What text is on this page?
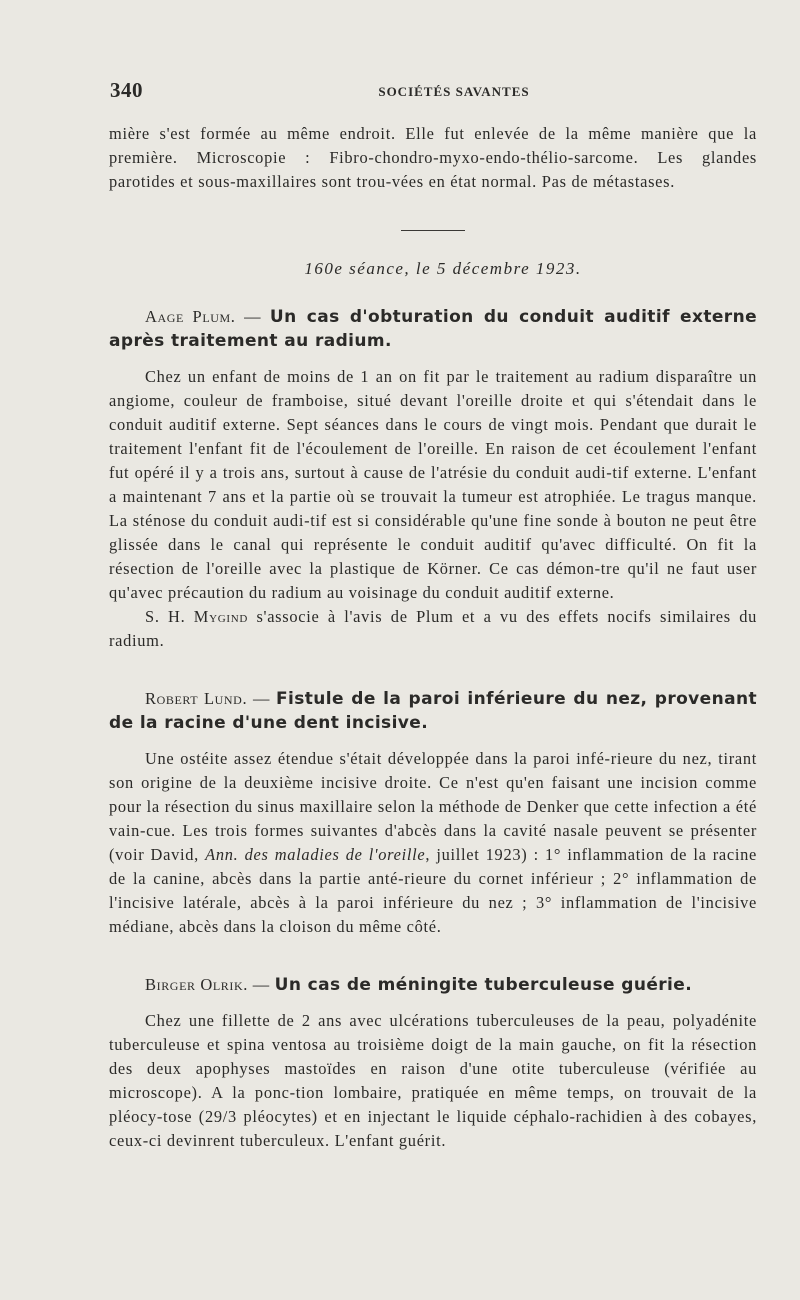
340	SOCIÉTÉS SAVANTES

mière s'est formée au même endroit. Elle fut enlevée de la même manière que la première. Microscopie : Fibro-chondro-myxo-endo-thélio-sarcome. Les glandes parotides et sous-maxillaires sont trou-vées en état normal. Pas de métastases.

160e séance, le 5 décembre 1923.

Aage Plum. — Un cas d'obturation du conduit auditif externe après traitement au radium.

Chez un enfant de moins de 1 an on fit par le traitement au radium disparaître un angiome, couleur de framboise, situé devant l'oreille droite et qui s'étendait dans le conduit auditif externe. Sept séances dans le cours de vingt mois. Pendant que durait le traitement l'enfant fit de l'écoulement de l'oreille. En raison de cet écoulement l'enfant fut opéré il y a trois ans, surtout à cause de l'atrésie du conduit audi-tif externe. L'enfant a maintenant 7 ans et la partie où se trouvait la tumeur est atrophiée. Le tragus manque. La sténose du conduit audi-tif est si considérable qu'une fine sonde à bouton ne peut être glissée dans le canal qui représente le conduit auditif qu'avec difficulté. On fit la résection de l'oreille avec la plastique de Körner. Ce cas démon-tre qu'il ne faut user qu'avec précaution du radium au voisinage du conduit auditif externe.

S. H. Mygind s'associe à l'avis de Plum et a vu des effets nocifs similaires du radium.

Robert Lund. — Fistule de la paroi inférieure du nez, provenant de la racine d'une dent incisive.

Une ostéite assez étendue s'était développée dans la paroi infé-rieure du nez, tirant son origine de la deuxième incisive droite. Ce n'est qu'en faisant une incision comme pour la résection du sinus maxillaire selon la méthode de Denker que cette infection a été vain-cue. Les trois formes suivantes d'abcès dans la cavité nasale peuvent se présenter (voir David, Ann. des maladies de l'oreille, juillet 1923) : 1° inflammation de la racine de la canine, abcès dans la partie anté-rieure du cornet inférieur ; 2° inflammation de l'incisive latérale, abcès à la paroi inférieure du nez ; 3° inflammation de l'incisive médiane, abcès dans la cloison du même côté.

Birger Olrik. — Un cas de méningite tuberculeuse guérie.

Chez une fillette de 2 ans avec ulcérations tuberculeuses de la peau, polyadénite tuberculeuse et spina ventosa au troisième doigt de la main gauche, on fit la résection des deux apophyses mastoïdes en raison d'une otite tuberculeuse (vérifiée au microscope). A la ponc-tion lombaire, pratiquée en même temps, on trouvait de la pléocy-tose (29/3 pléocytes) et en injectant le liquide céphalo-rachidien à des cobayes, ceux-ci devinrent tuberculeux. L'enfant guérit.
